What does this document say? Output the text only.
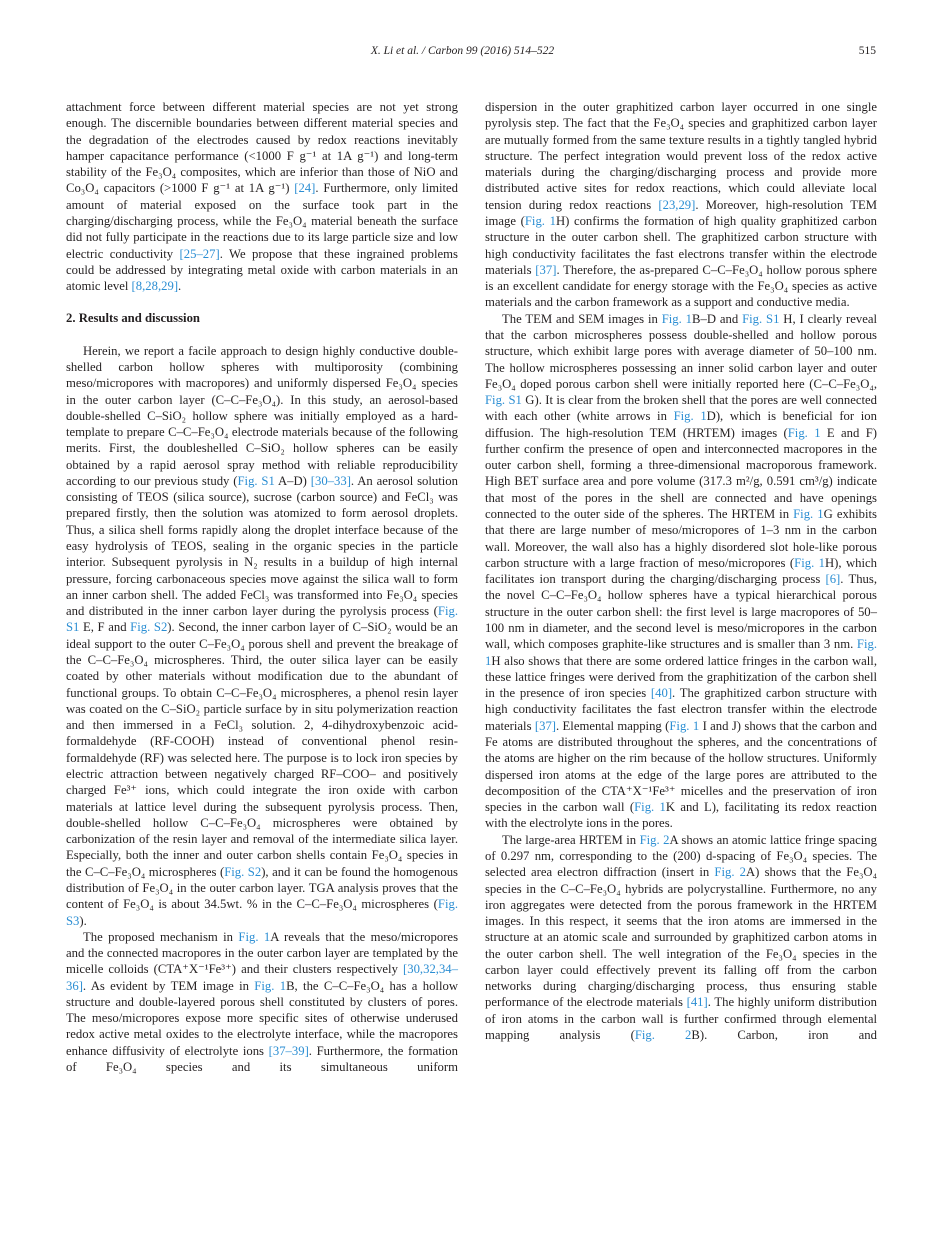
X. Li et al. / Carbon 99 (2016) 514–522	515

attachment force between different material species are not yet strong enough. The discernible boundaries between different material species and the degradation of the electrodes caused by redox reactions inevitably hamper capacitance performance (<1000 F g⁻¹ at 1A g⁻¹) and long-term stability of the Fe₃O₄ composites, which are inferior than those of NiO and Co₃O₄ capacitors (>1000 F g⁻¹ at 1A g⁻¹) [24]. Furthermore, only limited amount of material exposed on the surface took part in the charging/discharging process, while the Fe₃O₄ material beneath the surface did not fully participate in the reactions due to its large particle size and low electric conductivity [25–27]. We propose that these ingrained problems could be addressed by integrating metal oxide with carbon materials in an atomic level [8,28,29].

2. Results and discussion

Herein, we report a facile approach to design highly conductive double-shelled carbon hollow spheres with multiporosity (combining meso/micropores with macropores) and uniformly dispersed Fe₃O₄ species in the outer carbon layer (C–C–Fe₃O₄). In this study, an aerosol-based double-shelled C–SiO₂ hollow sphere was initially employed as a hard-template to prepare C–C–Fe₃O₄ electrode materials because of the following merits. First, the doubleshelled C–SiO₂ hollow spheres can be easily obtained by a rapid aerosol spray method with reliable reproducibility according to our previous study (Fig. S1 A–D) [30–33]. An aerosol solution consisting of TEOS (silica source), sucrose (carbon source) and FeCl₃ was prepared firstly, then the solution was atomized to form aerosol droplets. Thus, a silica shell forms rapidly along the droplet interface because of the easy hydrolysis of TEOS, sealing in the organic species in the particle interior. Subsequent pyrolysis in N₂ results in a buildup of high internal pressure, forcing carbonaceous species move against the silica wall to form an inner carbon shell. The added FeCl₃ was transformed into Fe₃O₄ species and distributed in the inner carbon layer during the pyrolysis process (Fig. S1 E, F and Fig. S2). Second, the inner carbon layer of C–SiO₂ would be an ideal support to the outer C–Fe₃O₄ porous shell and prevent the breakage of the C–C–Fe₃O₄ microspheres. Third, the outer silica layer can be easily coated by other materials without modification due to the abundant of functional groups. To obtain C–C–Fe₃O₄ microspheres, a phenol resin layer was coated on the C–SiO₂ particle surface by in situ polymerization reaction and then immersed in a FeCl₃ solution. 2, 4-dihydroxybenzoic acid-formaldehyde (RF-COOH) instead of conventional phenol resin-formaldehyde (RF) was selected here. The purpose is to lock iron species by electric attraction between negatively charged RF–COO– and positively charged Fe³⁺ ions, which could integrate the iron oxide with carbon materials at lattice level during the subsequent pyrolysis process. Then, double-shelled hollow C–C–Fe₃O₄ microspheres were obtained by carbonization of the resin layer and removal of the intermediate silica layer. Especially, both the inner and outer carbon shells contain Fe₃O₄ species in the C–C–Fe₃O₄ microspheres (Fig. S2), and it can be found the homogenous distribution of Fe₃O₄ in the outer carbon layer. TGA analysis proves that the content of Fe₃O₄ is about 34.5wt. % in the C–C–Fe₃O₄ microspheres (Fig. S3).

The proposed mechanism in Fig. 1A reveals that the meso/micropores and the connected macropores in the outer carbon layer are templated by the micelle colloids (CTA⁺X⁻¹Fe³⁺) and their clusters respectively [30,32,34–36]. As evident by TEM image in Fig. 1B, the C–C–Fe₃O₄ has a hollow structure and double-layered porous shell constituted by clusters of pores. The meso/micropores expose more specific sites of otherwise underused redox active metal oxides to the electrolyte interface, while the macropores enhance diffusivity of electrolyte ions [37–39]. Furthermore, the formation of Fe₃O₄ species and its simultaneous uniform

dispersion in the outer graphitized carbon layer occurred in one single pyrolysis step. The fact that the Fe₃O₄ species and graphitized carbon layer are mutually formed from the same texture results in a tightly tangled hybrid structure. The perfect integration would prevent loss of the redox active materials during the charging/discharging process and provide more distributed active sites for redox reactions, which could alleviate local tension during redox reactions [23,29]. Moreover, high-resolution TEM image (Fig. 1H) confirms the formation of high quality graphitized carbon structure in the outer carbon shell. The graphitized carbon structure with high conductivity facilitates the fast electrons transfer within the electrode materials [37]. Therefore, the as-prepared C–C–Fe₃O₄ hollow porous sphere is an excellent candidate for energy storage with the Fe₃O₄ species as active materials and the carbon framework as a support and conductive media.

The TEM and SEM images in Fig. 1B–D and Fig. S1 H, I clearly reveal that the carbon microspheres possess double-shelled and hollow porous structure, which exhibit large pores with average diameter of 50–100 nm. The hollow microspheres possessing an inner solid carbon layer and outer Fe₃O₄ doped porous carbon shell were initially reported here (C–C–Fe₃O₄, Fig. S1 G). It is clear from the broken shell that the pores are well connected with each other (white arrows in Fig. 1D), which is beneficial for ion diffusion. The high-resolution TEM (HRTEM) images (Fig. 1 E and F) further confirm the presence of open and interconnected macropores in the outer carbon shell, forming a three-dimensional macroporous framework. High BET surface area and pore volume (317.3 m²/g, 0.591 cm³/g) indicate that most of the pores in the shell are connected and have openings connected to the outer side of the spheres. The HRTEM in Fig. 1G exhibits that there are large number of meso/micropores of 1–3 nm in the carbon wall. Moreover, the wall also has a highly disordered slot hole-like porous carbon structure with a large fraction of meso/micropores (Fig. 1H), which facilitates ion transport during the charging/discharging process [6]. Thus, the novel C–C–Fe₃O₄ hollow spheres have a typical hierarchical porous structure in the outer carbon shell: the first level is large macropores of 50–100 nm in diameter, and the second level is meso/micropores in the carbon wall, which composes graphite-like structures and is smaller than 3 nm. Fig. 1H also shows that there are some ordered lattice fringes in the carbon wall, these lattice fringes were derived from the graphitization of the carbon shell in the presence of iron species [40]. The graphitized carbon structure with high conductivity facilitates the fast electron transfer within the electrode materials [37]. Elemental mapping (Fig. 1 I and J) shows that the carbon and Fe atoms are distributed throughout the spheres, and the concentrations of the atoms are higher on the rim because of the hollow structures. Uniformly dispersed iron atoms at the edge of the large pores are attributed to the decomposition of the CTA⁺X⁻¹Fe³⁺ micelles and the preservation of iron species in the carbon wall (Fig. 1K and L), facilitating its redox reaction with the electrolyte ions in the pores.

The large-area HRTEM in Fig. 2A shows an atomic lattice fringe spacing of 0.297 nm, corresponding to the (200) d-spacing of Fe₃O₄ species. The selected area electron diffraction (insert in Fig. 2A) shows that the Fe₃O₄ species in the C–C–Fe₃O₄ hybrids are polycrystalline. Furthermore, no any iron aggregates were detected from the porous framework in the HRTEM images. In this respect, it seems that the iron atoms are immersed in the structure at an atomic scale and surrounded by graphitized carbon atoms in the outer carbon shell. The well integration of the Fe₃O₄ species in the carbon layer could effectively prevent its falling off from the carbon networks during charging/discharging process, thus ensuring stable performance of the electrode materials [41]. The highly uniform distribution of iron atoms in the carbon wall is further confirmed through elemental mapping analysis (Fig. 2B). Carbon, iron and
